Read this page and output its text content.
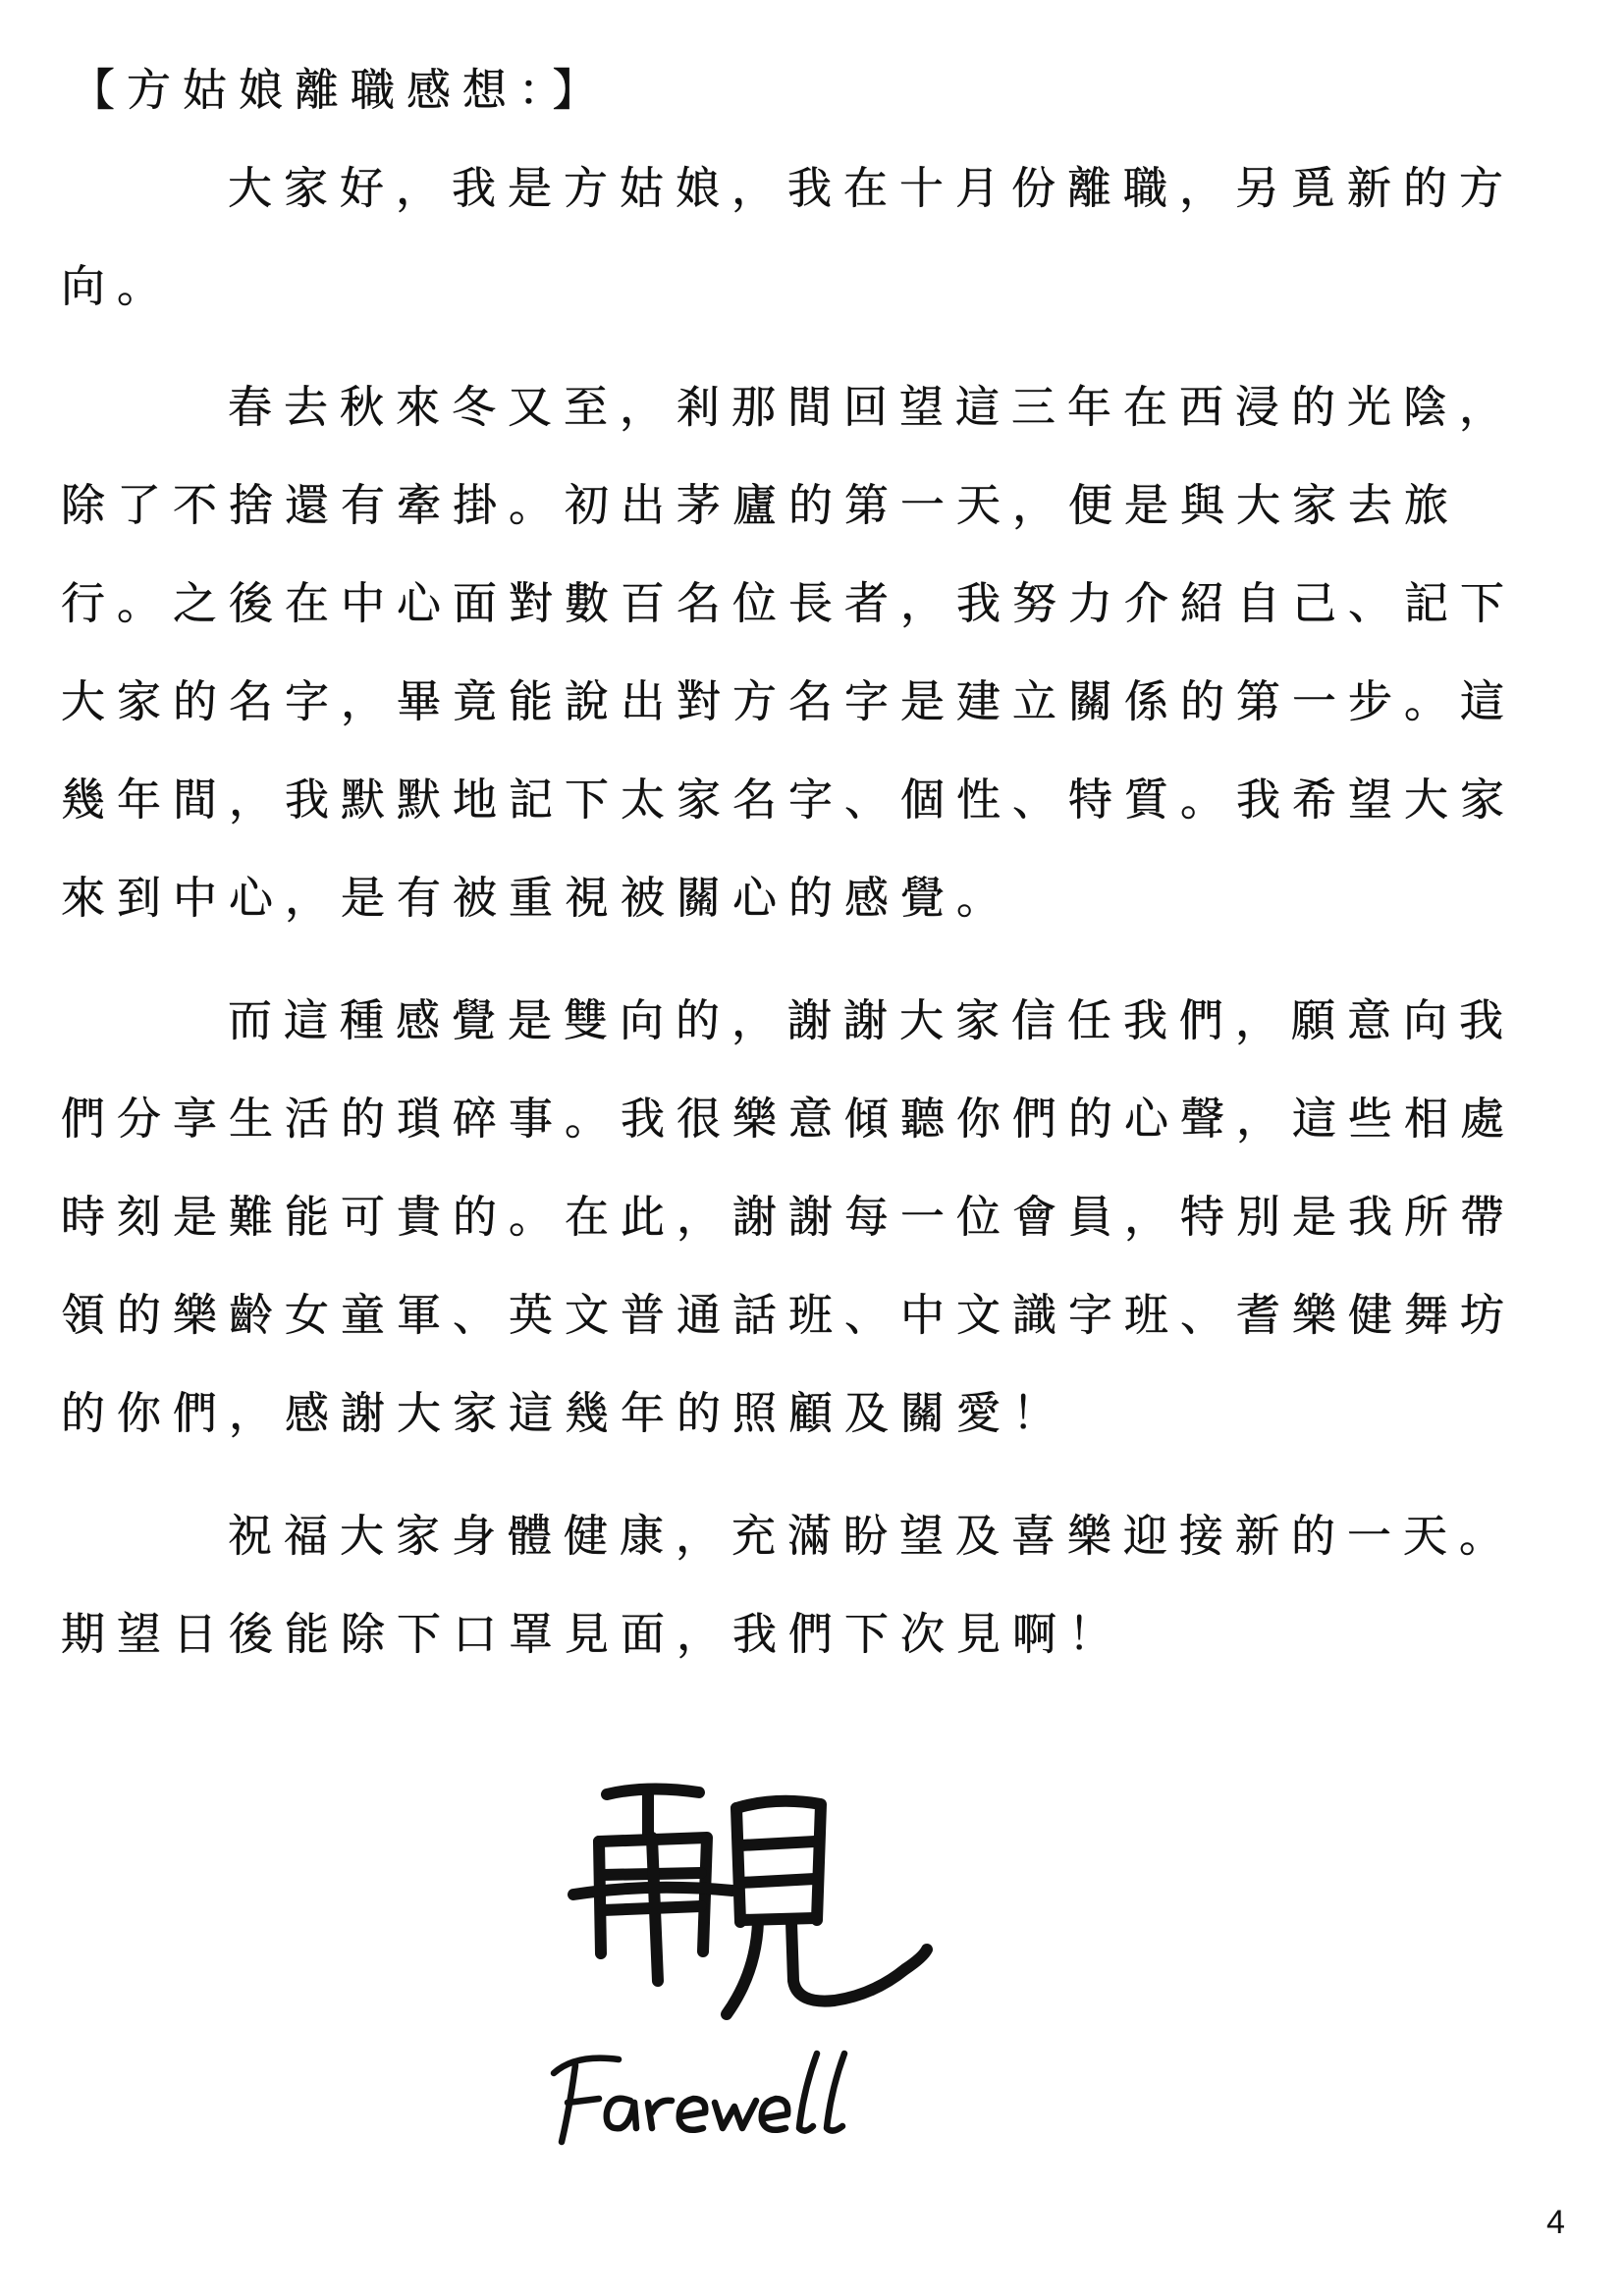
【方姑娘離職感想：】
大家好，我是方姑娘，我在十月份離職，另覓新的方
向。
春去秋來冬又至，剎那間回望這三年在西浸的光陰，
除了不捨還有牽掛。初出茅廬的第一天，便是與大家去旅
行。之後在中心面對數百名位長者，我努力介紹自己、記下
大家的名字，畢竟能說出對方名字是建立關係的第一步。這
幾年間，我默默地記下太家名字、個性、特質。我希望大家
來到中心，是有被重視被關心的感覺。
而這種感覺是雙向的，謝謝大家信任我們，願意向我
們分享生活的瑣碎事。我很樂意傾聽你們的心聲，這些相處
時刻是難能可貴的。在此，謝謝每一位會員，特別是我所帶
領的樂齡女童軍、英文普通話班、中文識字班、耆樂健舞坊
的你們，感謝大家這幾年的照顧及關愛！
祝福大家身體健康，充滿盼望及喜樂迎接新的一天。
期望日後能除下口罩見面，我們下次見啊！
4
